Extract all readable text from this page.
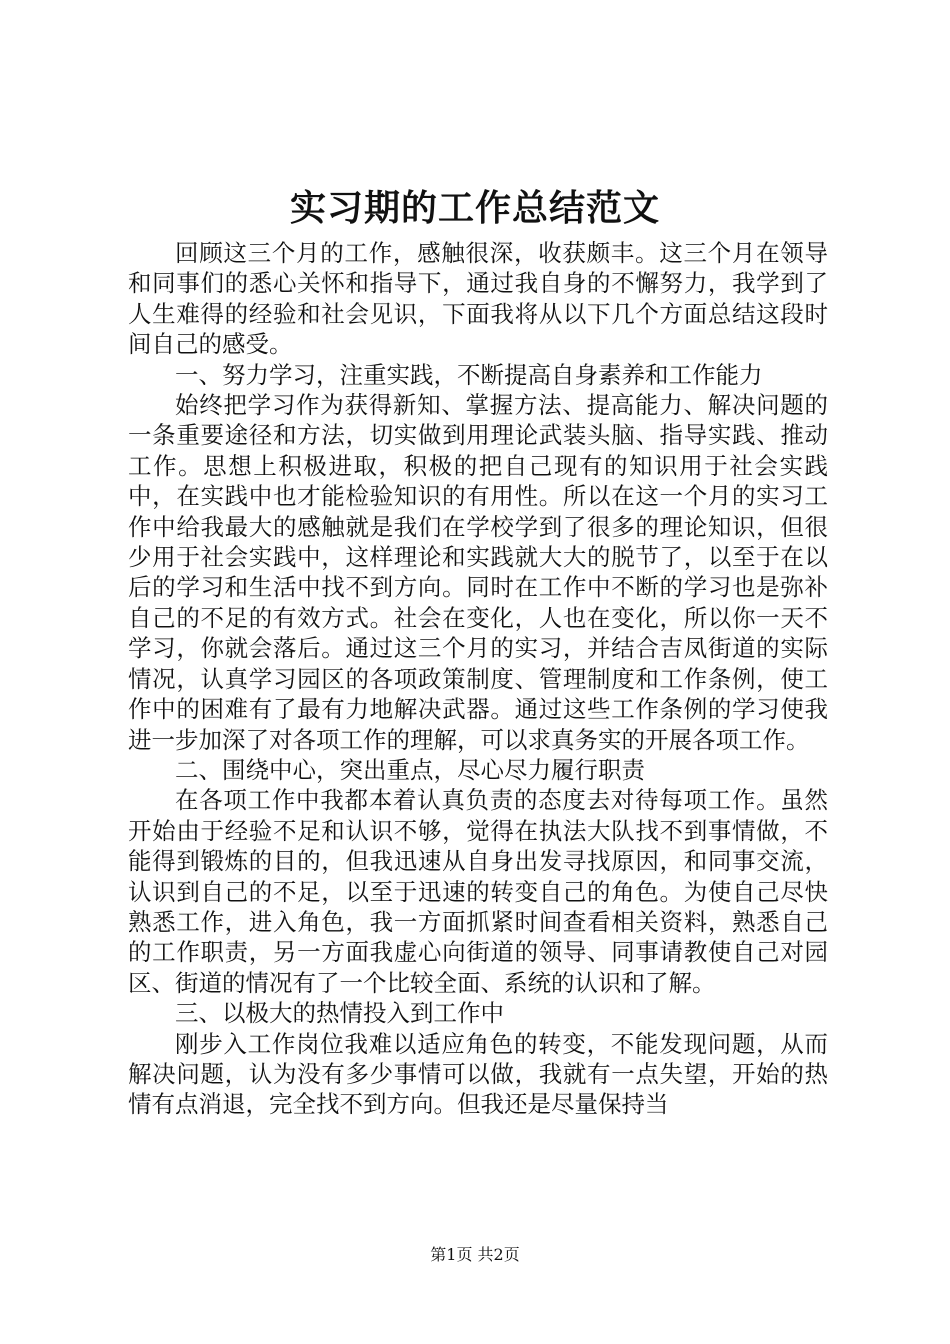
实习期的工作总结范文

回顾这三个月的工作，感触很深，收获颇丰。这三个月在领导和同事们的悉心关怀和指导下，通过我自身的不懈努力，我学到了人生难得的经验和社会见识，下面我将从以下几个方面总结这段时间自己的感受。

一、努力学习，注重实践，不断提高自身素养和工作能力

始终把学习作为获得新知、掌握方法、提高能力、解决问题的一条重要途径和方法，切实做到用理论武装头脑、指导实践、推动工作。思想上积极进取，积极的把自己现有的知识用于社会实践中，在实践中也才能检验知识的有用性。所以在这一个月的实习工作中给我最大的感触就是我们在学校学到了很多的理论知识，但很少用于社会实践中，这样理论和实践就大大的脱节了，以至于在以后的学习和生活中找不到方向。同时在工作中不断的学习也是弥补自己的不足的有效方式。社会在变化，人也在变化，所以你一天不学习，你就会落后。通过这三个月的实习，并结合吉凤街道的实际情况，认真学习园区的各项政策制度、管理制度和工作条例，使工作中的困难有了最有力地解决武器。通过这些工作条例的学习使我进一步加深了对各项工作的理解，可以求真务实的开展各项工作。

二、围绕中心，突出重点，尽心尽力履行职责

在各项工作中我都本着认真负责的态度去对待每项工作。虽然开始由于经验不足和认识不够，觉得在执法大队找不到事情做，不能得到锻炼的目的，但我迅速从自身出发寻找原因，和同事交流，认识到自己的不足，以至于迅速的转变自己的角色。为使自己尽快熟悉工作，进入角色，我一方面抓紧时间查看相关资料，熟悉自己的工作职责，另一方面我虚心向街道的领导、同事请教使自己对园区、街道的情况有了一个比较全面、系统的认识和了解。

三、以极大的热情投入到工作中

刚步入工作岗位我难以适应角色的转变，不能发现问题，从而解决问题，认为没有多少事情可以做，我就有一点失望，开始的热情有点消退，完全找不到方向。但我还是尽量保持当

第1页 共2页
